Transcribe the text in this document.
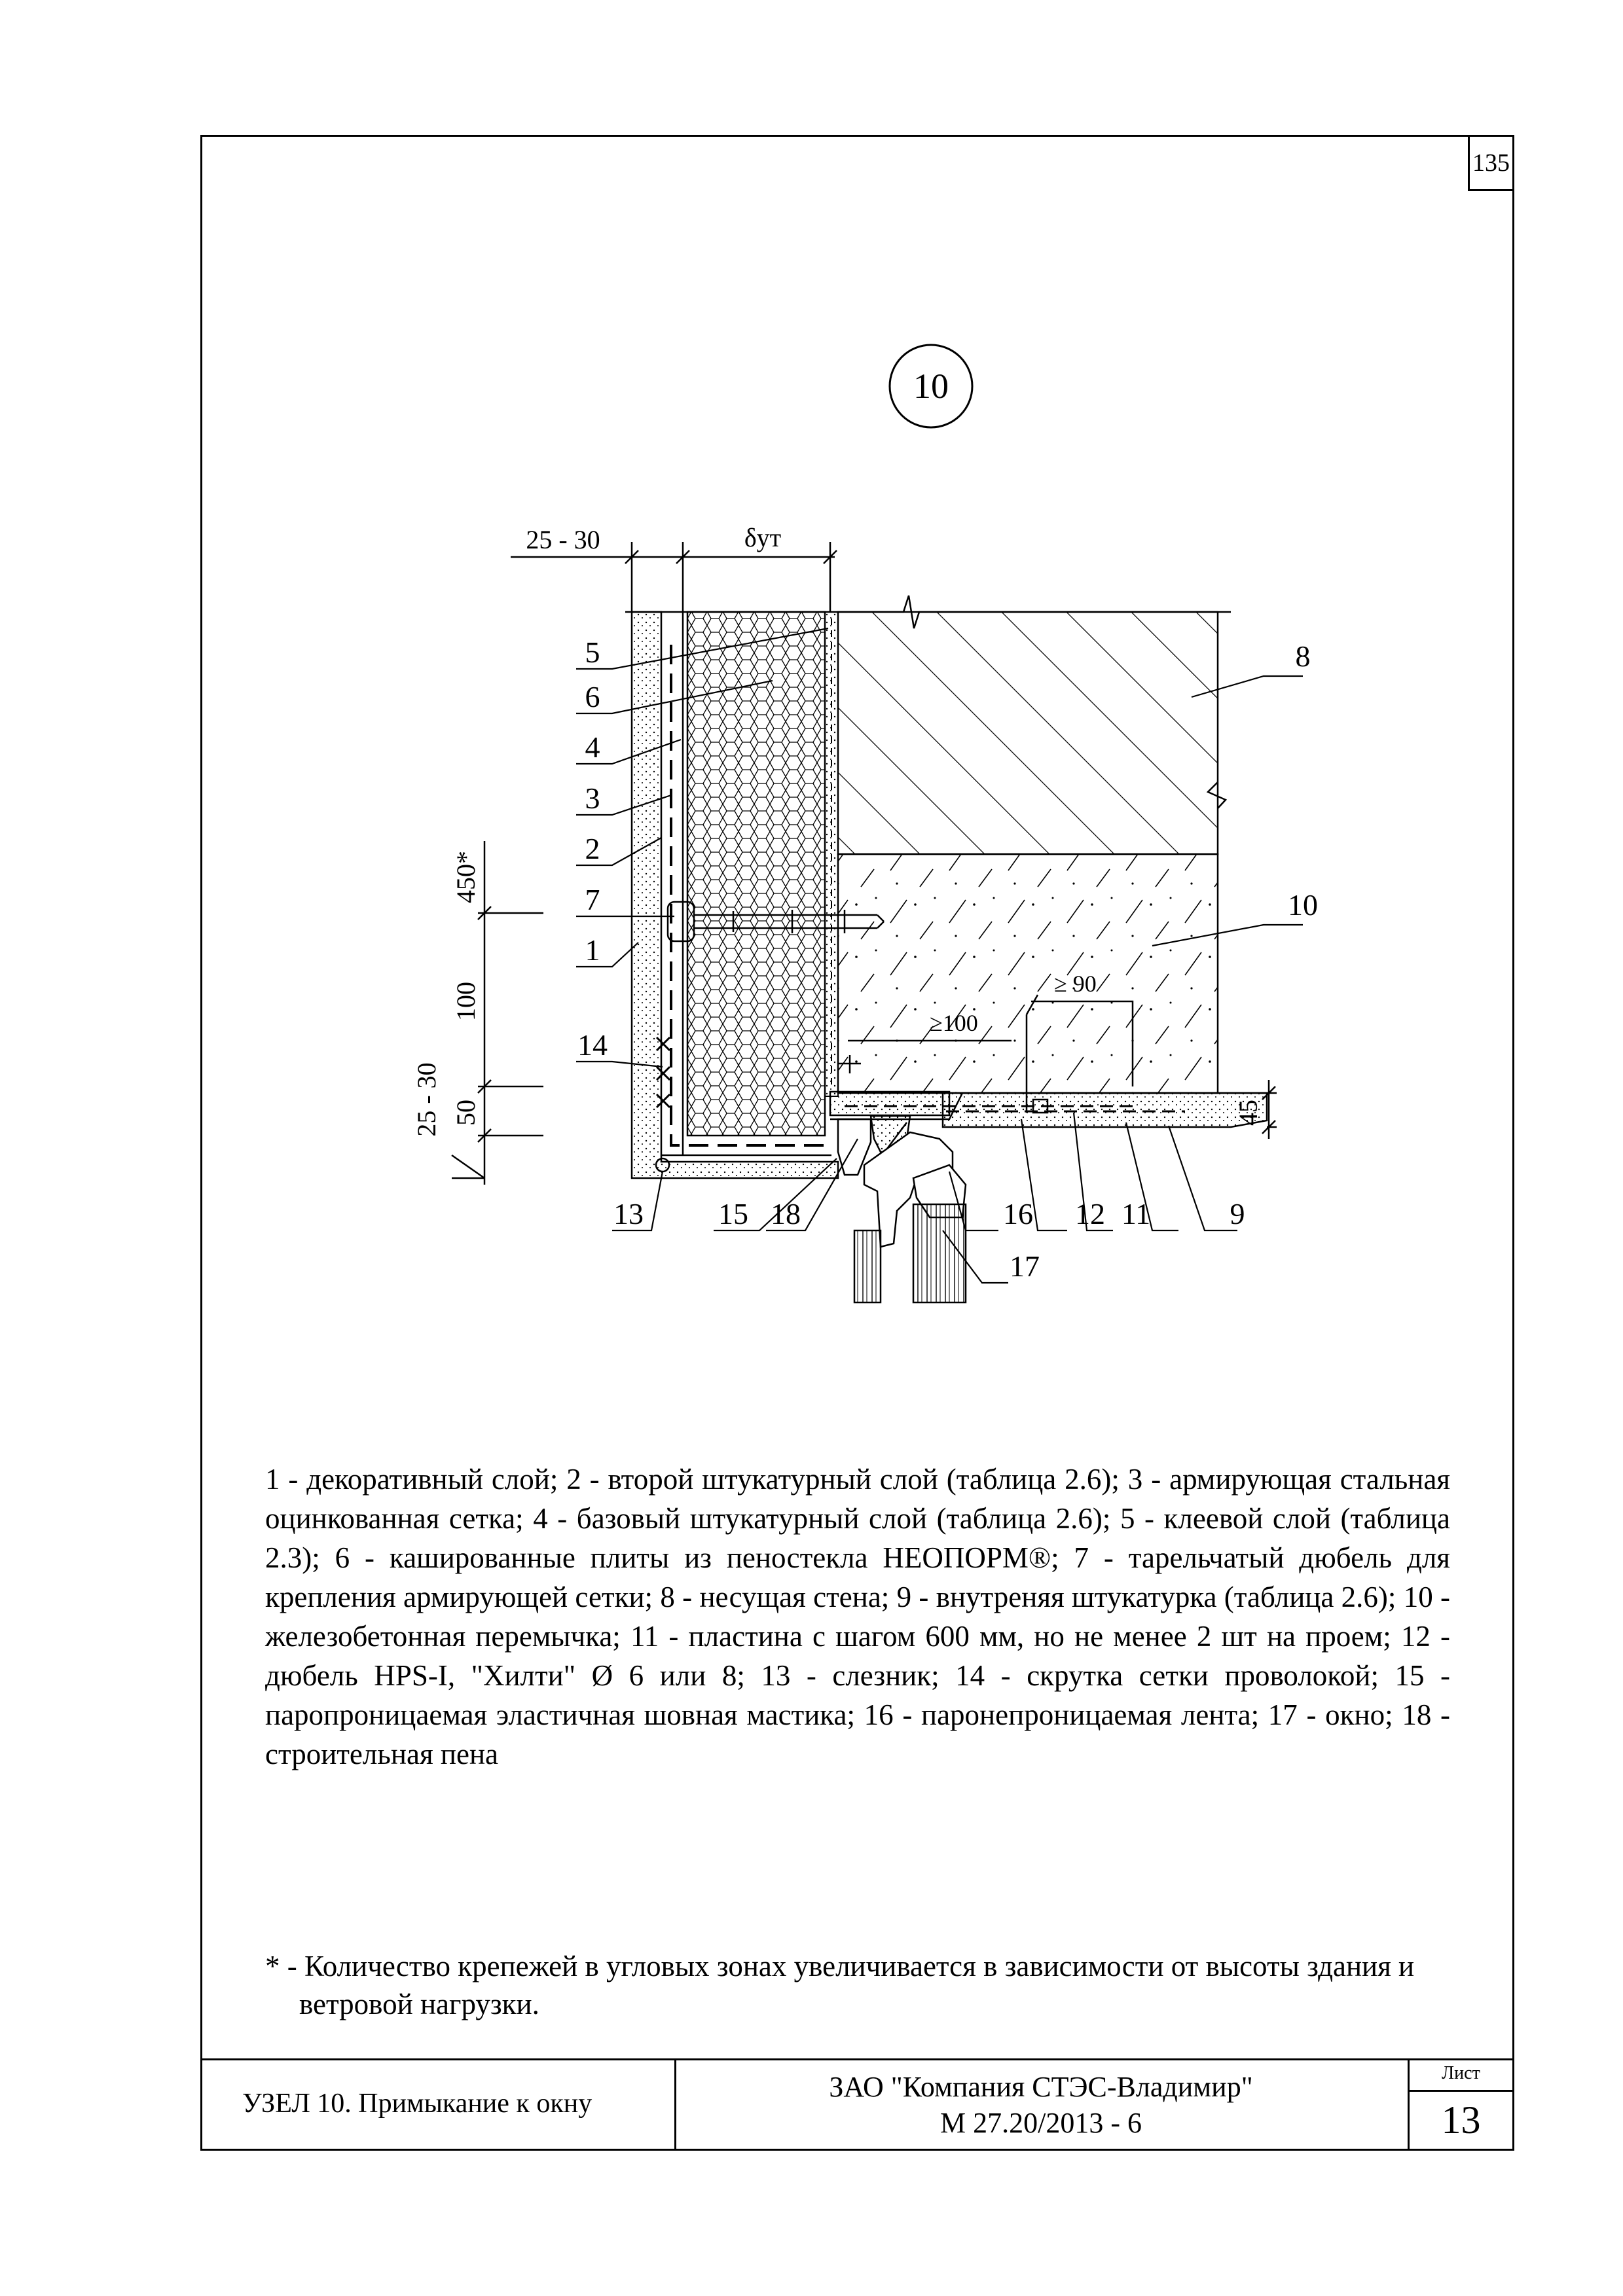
135
10
25 - 30	δут
≥ 90
≥100
45
450*
100
50
25 - 30
5
6
4
3
2
7
1
14
13 15 18	16 12 11	9
17
8
10
1 - декоративный слой; 2 - второй штукатурный слой (таблица 2.6); 3 - армирующая стальная оцинкованная сетка; 4 - базовый штукатурный слой (таблица 2.6); 5 - клеевой слой (таблица 2.3); 6 - кашированные плиты из пеностекла НЕОПОРМ®; 7 - тарельчатый дюбель для крепления армирующей сетки; 8 - несущая стена; 9 - внутреняя штукатурка (таблица 2.6); 10 - железобетонная перемычка; 11 - пластина с шагом 600 мм, но не менее 2 шт на проем; 12 - дюбель HPS-I, "Хилти" Ø 6 или 8; 13 - слезник; 14 - скрутка сетки проволокой; 15 - паропроницаемая эластичная шовная мастика; 16 - паронепроницаемая лента; 17 - окно; 18 - строительная пена
* - Количество крепежей в угловых зонах увеличивается в зависимости от высоты здания и ветровой нагрузки.
УЗЕЛ 10. Примыкание к окну
ЗАО "Компания СТЭС-Владимир"
М 27.20/2013 - 6
Лист
13
